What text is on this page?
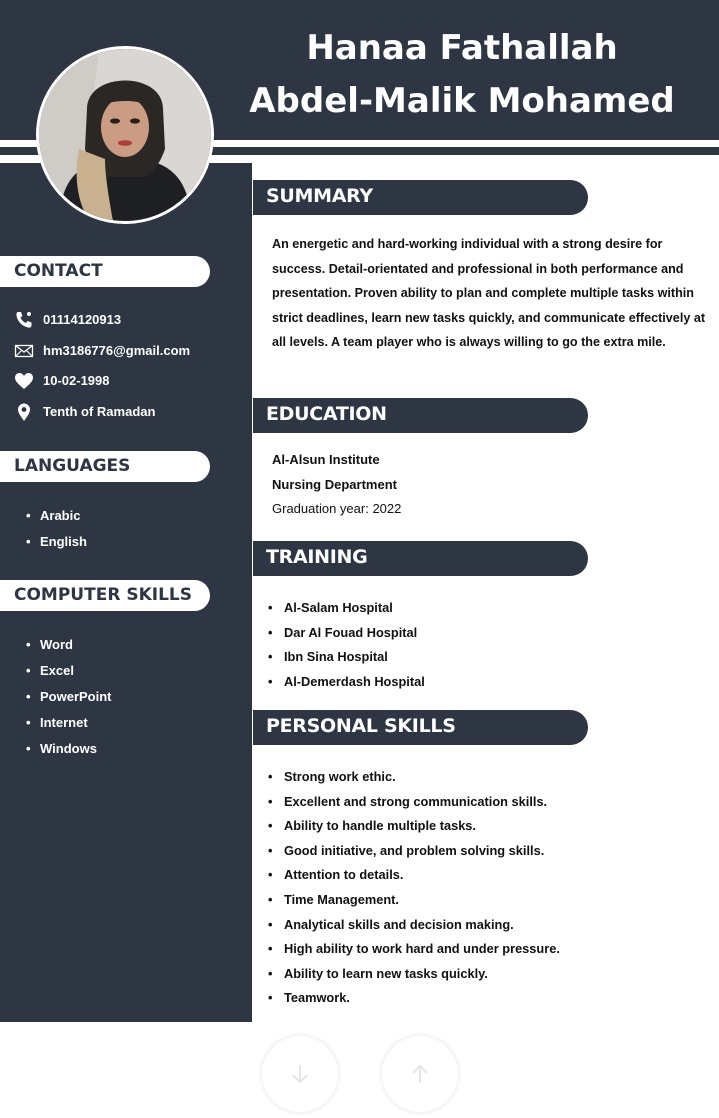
Hanaa Fathallah
Abdel-Malik Mohamed
CONTACT
01114120913
hm3186776@gmail.com
10-02-1998
Tenth of Ramadan
LANGUAGES
• Arabic
• English
COMPUTER SKILLS
• Word
• Excel
• PowerPoint
• Internet
• Windows
SUMMARY

An energetic and hard-working individual with a strong desire for success. Detail-orientated and professional in both performance and presentation. Proven ability to plan and complete multiple tasks within strict deadlines, learn new tasks quickly, and communicate effectively at all levels. A team player who is always willing to go the extra mile.

EDUCATION
Al-Alsun Institute
Nursing Department
Graduation year: 2022
TRAINING
• Al-Salam Hospital
• Dar Al Fouad Hospital
• Ibn Sina Hospital
• Al-Demerdash Hospital
PERSONAL SKILLS
• Strong work ethic.
• Excellent and strong communication skills.
• Ability to handle multiple tasks.
• Good initiative, and problem solving skills.
• Attention to details.
• Time Management.
• Analytical skills and decision making.
• High ability to work hard and under pressure.
• Ability to learn new tasks quickly.
• Teamwork.
